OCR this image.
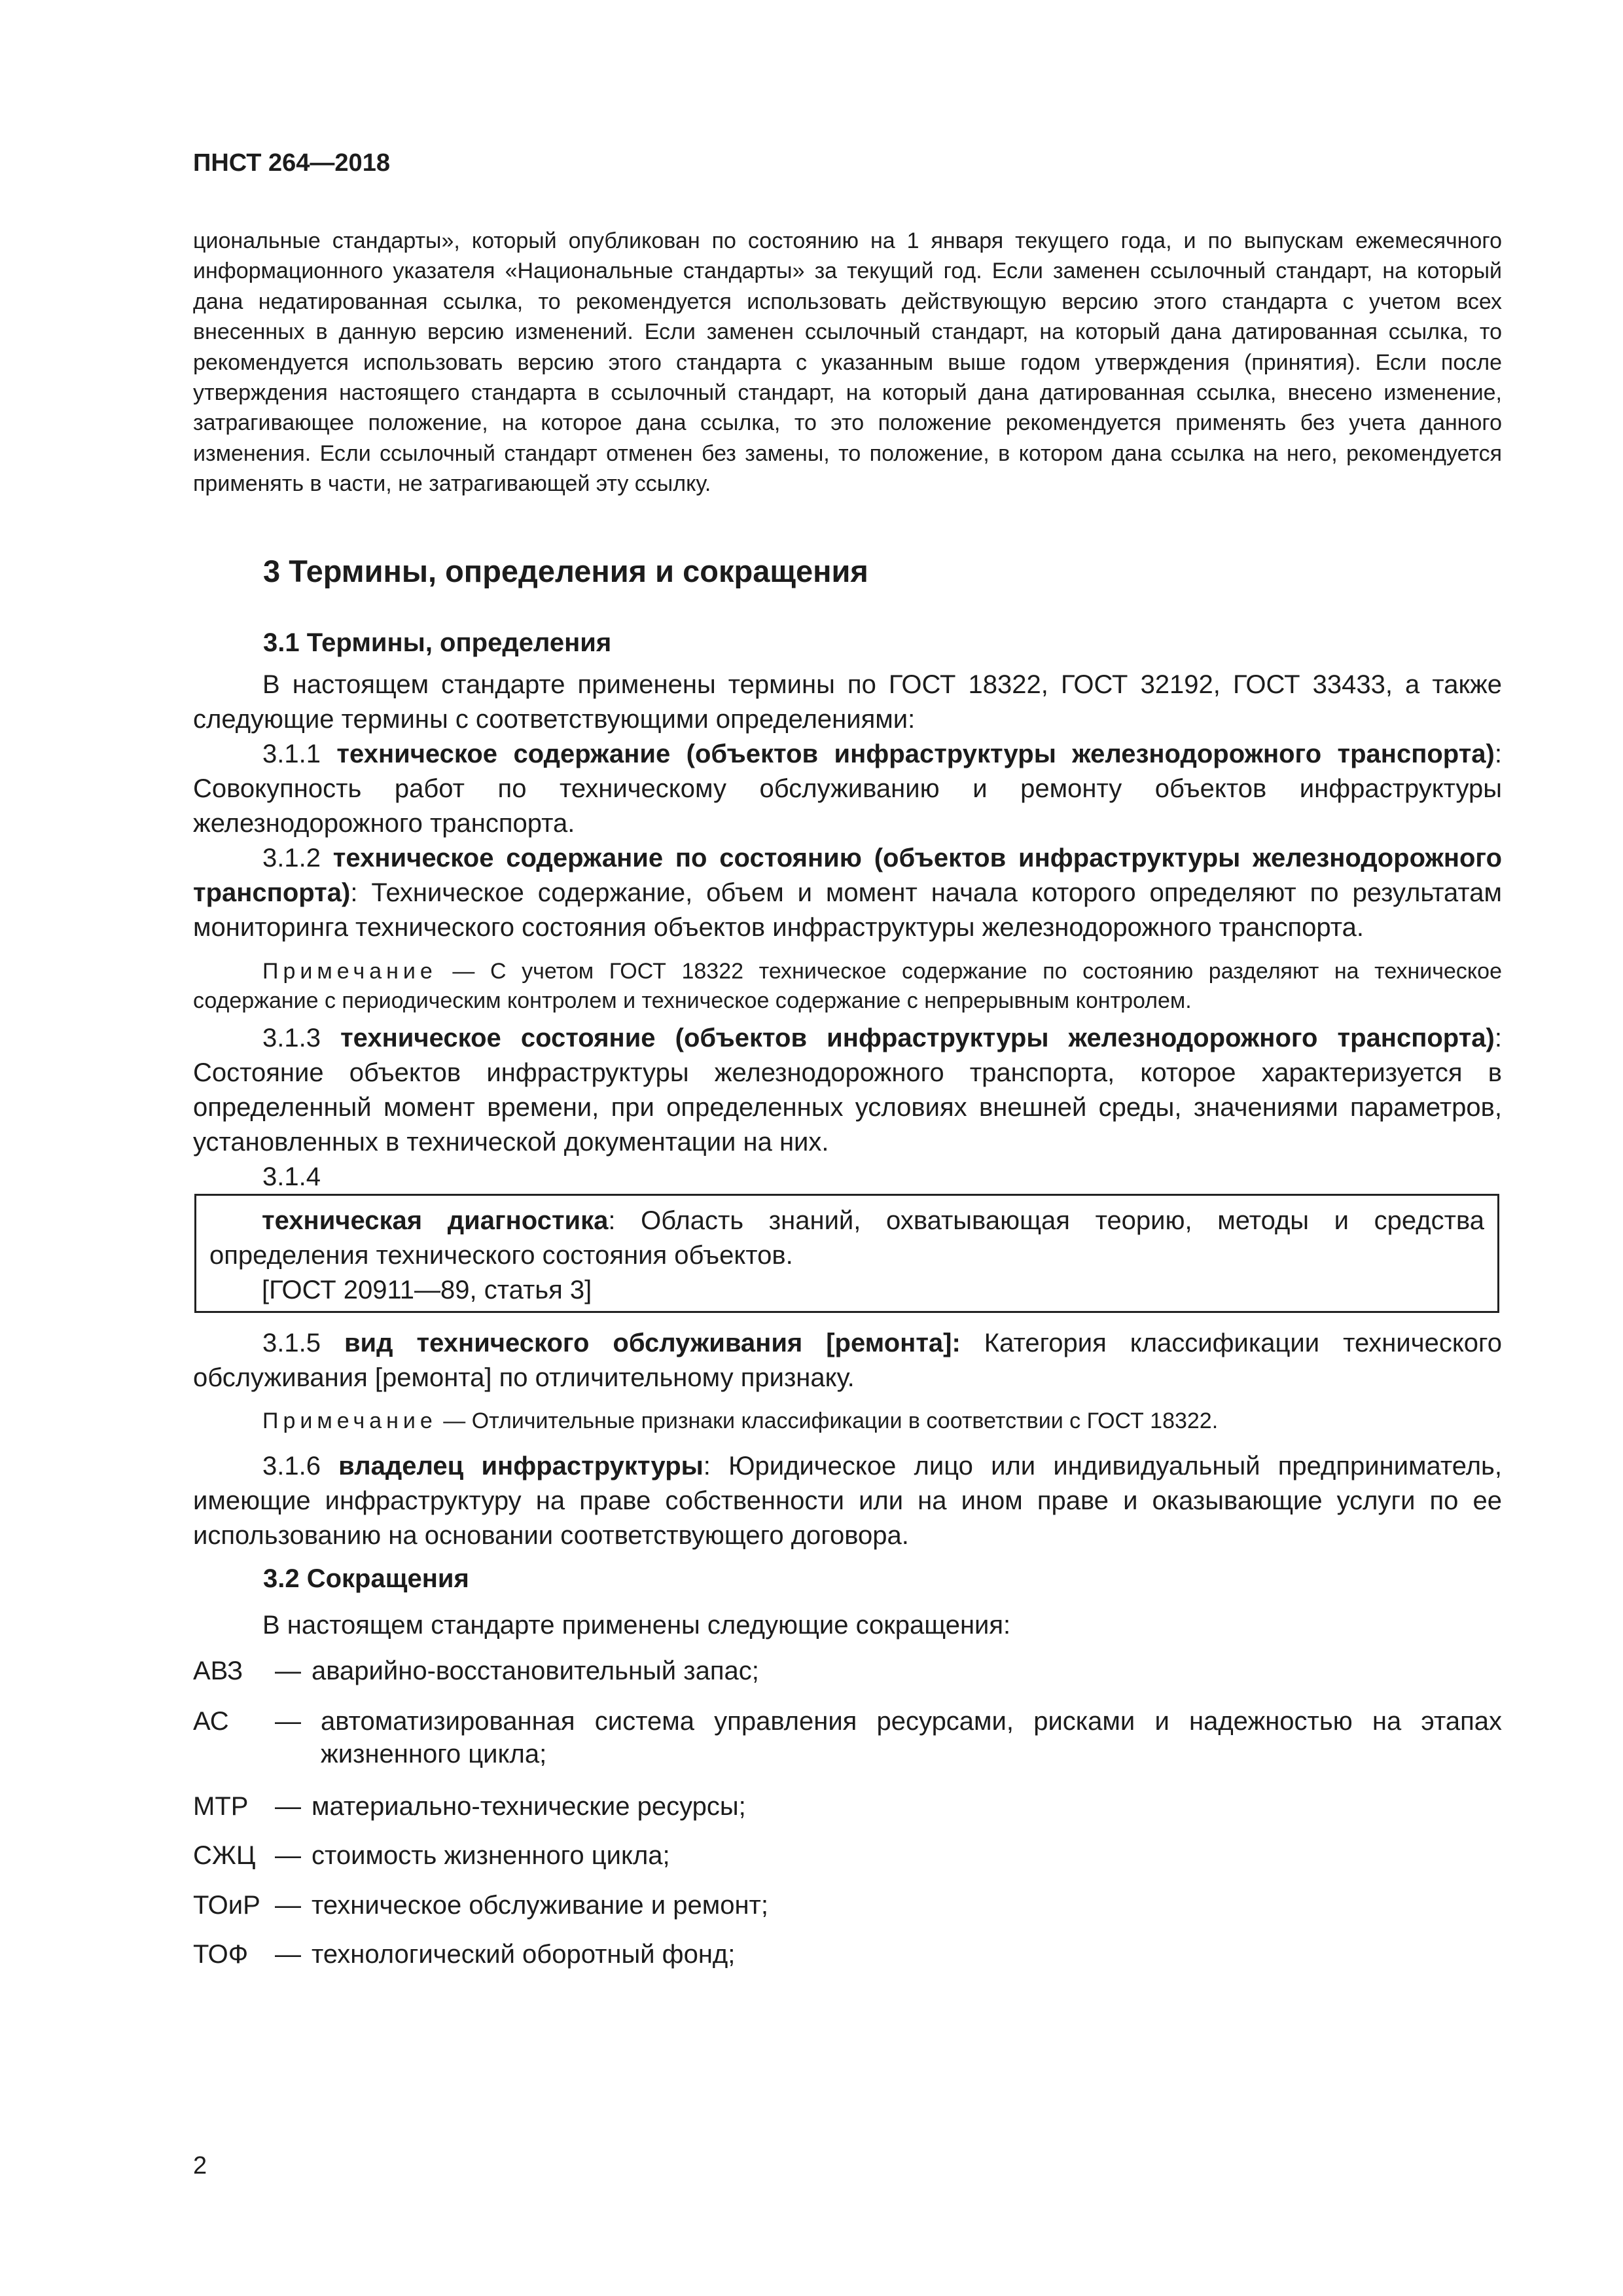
ПНСТ 264—2018
циональные стандарты», который опубликован по состоянию на 1 января текущего года, и по выпускам ежемесячного информационного указателя «Национальные стандарты» за текущий год. Если заменен ссылочный стандарт, на который дана недатированная ссылка, то рекомендуется использовать действующую версию этого стандарта с учетом всех внесенных в данную версию изменений. Если заменен ссылочный стандарт, на который дана датированная ссылка, то рекомендуется использовать версию этого стандарта с указанным выше годом утверждения (принятия). Если после утверждения настоящего стандарта в ссылочный стандарт, на который дана датированная ссылка, внесено изменение, затрагивающее положение, на которое дана ссылка, то это положение рекомендуется применять без учета данного изменения. Если ссылочный стандарт отменен без замены, то положение, в котором дана ссылка на него, рекомендуется применять в части, не затрагивающей эту ссылку.
3 Термины, определения и сокращения
3.1 Термины, определения

В настоящем стандарте применены термины по ГОСТ 18322, ГОСТ 32192, ГОСТ 33433, а также следующие термины с соответствующими определениями:

3.1.1 техническое содержание (объектов инфраструктуры железнодорожного транспорта): Совокупность работ по техническому обслуживанию и ремонту объектов инфраструктуры железнодорожного транспорта.

3.1.2 техническое содержание по состоянию (объектов инфраструктуры железнодорожного транспорта): Техническое содержание, объем и момент начала которого определяют по результатам мониторинга технического состояния объектов инфраструктуры железнодорожного транспорта.

Примечание — С учетом ГОСТ 18322 техническое содержание по состоянию разделяют на техническое содержание с периодическим контролем и техническое содержание с непрерывным контролем.

3.1.3 техническое состояние (объектов инфраструктуры железнодорожного транспорта): Состояние объектов инфраструктуры железнодорожного транспорта, которое характеризуется в определенный момент времени, при определенных условиях внешней среды, значениями параметров, установленных в технической документации на них.

3.1.4

техническая диагностика: Область знаний, охватывающая теорию, методы и средства определения технического состояния объектов.

[ГОСТ 20911—89, статья 3]

3.1.5 вид технического обслуживания [ремонта]: Категория классификации технического обслуживания [ремонта] по отличительному признаку.

Примечание — Отличительные признаки классификации в соответствии с ГОСТ 18322.

3.1.6 владелец инфраструктуры: Юридическое лицо или индивидуальный предприниматель, имеющие инфраструктуру на праве собственности или на ином праве и оказывающие услуги по ее использованию на основании соответствующего договора.

3.2 Сокращения

В настоящем стандарте применены следующие сокращения:

АВЗ — аварийно-восстановительный запас;
АС — автоматизированная система управления ресурсами, рисками и надежностью на этапах жизненного цикла;
МТР — материально-технические ресурсы;
СЖЦ — стоимость жизненного цикла;
ТОиР — техническое обслуживание и ремонт;
ТОФ — технологический оборотный фонд;
2
